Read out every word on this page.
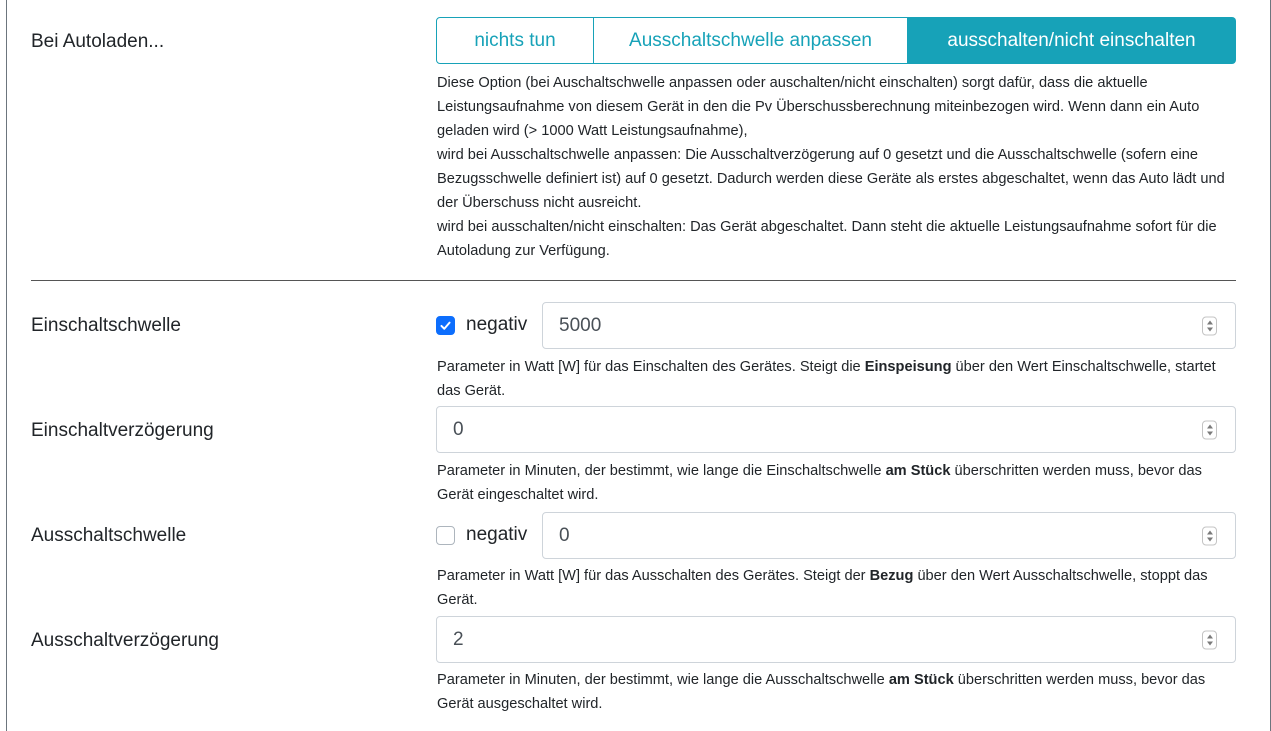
Bei Autoladen...	nichts tun	Ausschaltschwelle anpassen	ausschalten/nicht einschalten
Diese Option (bei Auschaltschwelle anpassen oder auschalten/nicht einschalten) sorgt dafür, dass die aktuelle Leistungsaufnahme von diesem Gerät in den die Pv Überschussberechnung miteinbezogen wird. Wenn dann ein Auto geladen wird (> 1000 Watt Leistungsaufnahme),
wird bei Ausschaltschwelle anpassen: Die Ausschaltverzögerung auf 0 gesetzt und die Ausschaltschwelle (sofern eine Bezugsschwelle definiert ist) auf 0 gesetzt. Dadurch werden diese Geräte als erstes abgeschaltet, wenn das Auto lädt und der Überschuss nicht ausreicht.
wird bei ausschalten/nicht einschalten: Das Gerät abgeschaltet. Dann steht die aktuelle Leistungsaufnahme sofort für die Autoladung zur Verfügung.
Einschaltschwelle	negativ 5000
Parameter in Watt [W] für das Einschalten des Gerätes. Steigt die Einspeisung über den Wert Einschaltschwelle, startet das Gerät.
Einschaltverzögerung	0
Parameter in Minuten, der bestimmt, wie lange die Einschaltschwelle am Stück überschritten werden muss, bevor das Gerät eingeschaltet wird.
Ausschaltschwelle	negativ 0
Parameter in Watt [W] für das Ausschalten des Gerätes. Steigt der Bezug über den Wert Ausschaltschwelle, stoppt das Gerät.
Ausschaltverzögerung	2
Parameter in Minuten, der bestimmt, wie lange die Ausschaltschwelle am Stück überschritten werden muss, bevor das Gerät ausgeschaltet wird.
